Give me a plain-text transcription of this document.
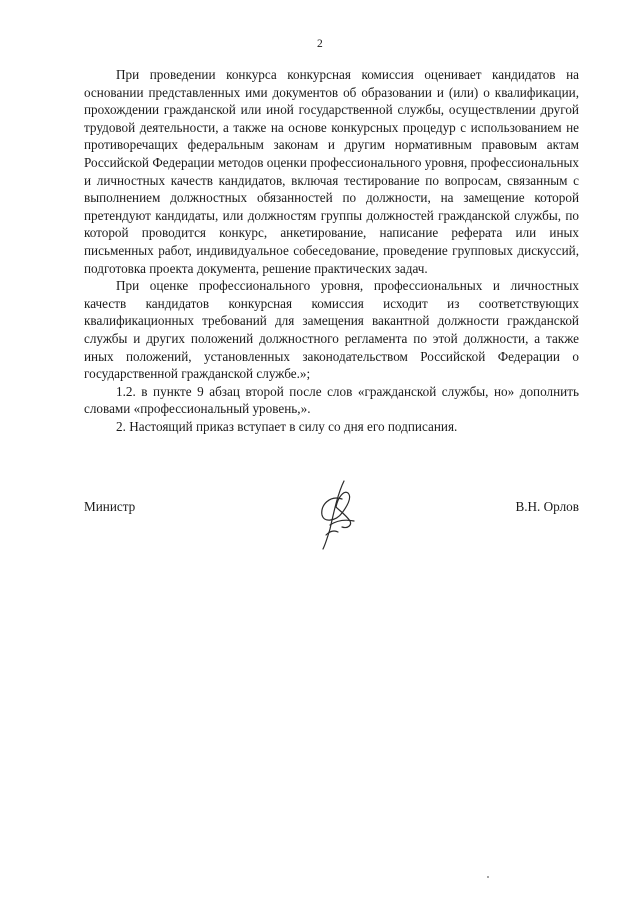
2

При проведении конкурса конкурсная комиссия оценивает кандидатов на основании представленных ими документов об образовании и (или) о квалификации, прохождении гражданской или иной государственной службы, осуществлении другой трудовой деятельности, а также на основе конкурсных процедур с использованием не противоречащих федеральным законам и другим нормативным правовым актам Российской Федерации методов оценки профессионального уровня, профессиональных и личностных качеств кандидатов, включая тестирование по вопросам, связанным с выполнением должностных обязанностей по должности, на замещение которой претендуют кандидаты, или должностям группы должностей гражданской службы, по которой проводится конкурс, анкетирование, написание реферата или иных письменных работ, индивидуальное собеседование, проведение групповых дискуссий, подготовка проекта документа, решение практических задач.

При оценке профессионального уровня, профессиональных и личностных качеств кандидатов конкурсная комиссия исходит из соответствующих квалификационных требований для замещения вакантной должности гражданской службы и других положений должностного регламента по этой должности, а также иных положений, установленных законодательством Российской Федерации о государственной гражданской службе.»;

1.2. в пункте 9 абзац второй после слов «гражданской службы, но» дополнить словами «профессиональный уровень,».

2. Настоящий приказ вступает в силу со дня его подписания.

Министр	В.Н. Орлов
